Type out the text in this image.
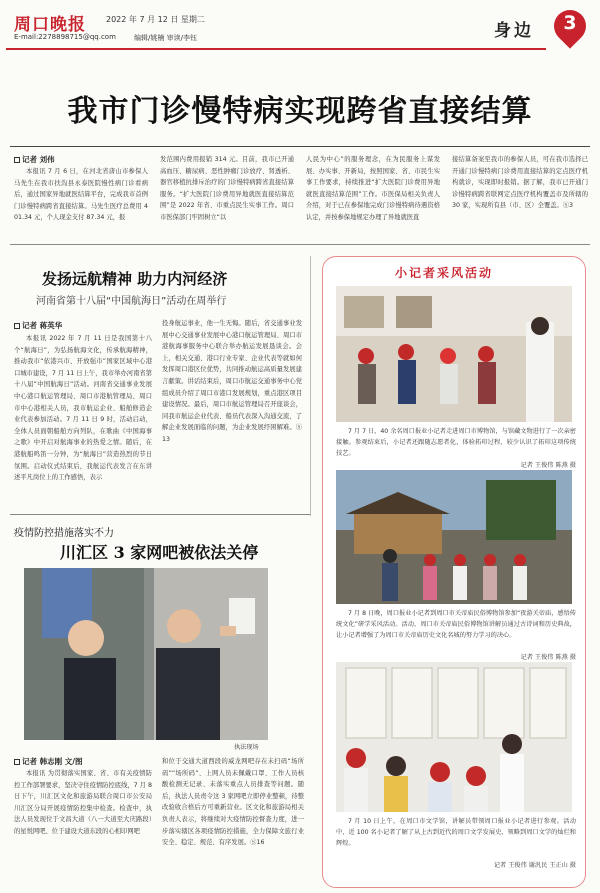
周口晚报	2022 年 7 月 12 日 星期二
E-mail:2278898715@qq.com	编辑/姚楠 审读/李钰	身边	3
我市门诊慢特病实现跨省直接结算
记者 刘伟
本报讯 7 月 6 日，在河北省唐山市参保人马先生在我市扶沟县永泰医院慢性病门诊看病后，通过国家异地就医结算平台，完成我市首例门诊慢特病跨省直接结算。马先生医疗总费用 401.34 元，个人现金支付 87.34 元，报
发范围内费用报销 314 元。目前，我市已开通高血压、糖尿病、恶性肿瘤门诊放疗、肾透析、器官移植抗排斥治疗的门诊慢特病跨省直接结算服务。“扩大医院门诊费用异地就医直接结算范围”是 2022 年省、市重点民生实事工作。周口市医保部门牢固树立“以
人民为中心”的服务理念，在为民服务上谋发展、办实事、开新局，按照国家、省、市民生实事工作要求，持续推进“扩大医院门诊费用异地就医直接结算范围”工作。市医保局相关负责人介绍，对于已在参保地完成门诊慢特病待遇资格认定，并按参保地规定办理了异地就医直
接结算备案至我市的参保人员，可在我市选择已开通门诊慢特病门诊费用直接结算的定点医疗机构就诊，实现即时报销。据了解，我市已开通门诊慢特病跨省联网定点医疗机构覆盖市及所辖的30 家，实现所有县（市、区）全覆盖。Ⓢ3
发扬远航精神 助力内河经济
河南省第十八届“中国航海日”活动在周举行
记者 蒋英华
本报讯 2022 年 7 月 11 日是我国第十八个“航海日”，为弘扬航海文化，传承航海精神，推动我市“依港兴市、开放强市”国家区域中心港口城市建设，7 月 11 日上午，我市举办河南省第十八届“中国航海日”活动。河南省交通事业发展中心港口航运管理局、周口市港航管理局、周口市中心港相关人员，我市航运企业、船舶修造企业代表参加活动。7 月 11 日 9 时，活动启动，全体人员面朝船舶方向列队，在歌曲《中国海事之歌》中开启对航海事业的热爱之情。随后，在港航船鸣笛一分钟，为“航海日”营造热烈的节日氛围。启动仪式结束后，我航运代表发言在东讲述平凡岗位上的工作感悟，表示
投身航运事业，他一生无悔。随后，省交通事业发展中心交通事业发展中心港口航运管理局、周口市港航海事服务中心联合举办航运发展恳谈会。会上，相关交通、港口行业专家、企业代表等就如何发挥周口港区位优势，共同推动航运高质量发展建言献策。讲话结束后，周口市航运交通事务中心党组成员介绍了周口市港口发展规划，重点港区项目建设情况。最后，周口市航运管理局召开座谈会，同我市航运企业代表、船员代表深入沟通交流，了解企业发展面临的问题，为企业发展纾困解难。Ⓢ13
疫情防控措施落实不力
川汇区 3 家网吧被依法关停
执法现场
记者 韩志刚 文/图
本报讯 为贯彻落实国家、省、市有关疫情防控工作部署要求，坚决守住疫情防控底线，7 月 8 日下午，川汇区文化和旅游局联合周口市公安局川汇区分局开展疫情防控集中检查。检查中，执法人员发现位于文昌大道（八一大道至大庆路段）的星悦网吧、位于建设大道东段的心相印网吧
和位于交通大道西段的威龙网吧存在未扫码“场所码”“场所码”、上网人员未佩戴口罩、工作人员核酸检测无记录、未落实重点人员排查等问题。随后，执法人员责令这 3 家网吧立即停业整顿，待整改验收合格后方可重新营业。区文化和旅游局相关负责人表示，将继续对大疫情防控督查力度，进一步落实辖区各项疫情防控措施，全力保障文旅行业安全、稳定、规范、有序发展。Ⓢ16
小记者采风活动
7 月 7 日，40 余名周口报业小记者走进周口市博物馆，与馆藏文物进行了一次亲密接触。参观结束后，小记者还跟随志愿者化，体验拓印过程，较少认识了拓印这项传统技艺。
记者 王俊伟 陈燕 摄
7 月 8 日晚，周口报业小记者到周口市关帝庙民俗博物馆参加“夜游关帝庙，感悟传统文化”研学采风活动。活动，周口市关帝庙民俗博物馆讲解员通过古诗词和历史典故，让小记者增强了为周口市关帝庙历史文化名城的努力学习的决心。
记者 王俊伟 陈燕 摄
7 月 10 日上午，在周口市文学馆，讲解员带领周口报业小记者进行参观。活动中，近 100 名小记者了解了从上古到近代的周口文学发展史，领略到周口文学的灿烂和辉煌。
记者 王俊伟 谢汎民 王正山 摄
